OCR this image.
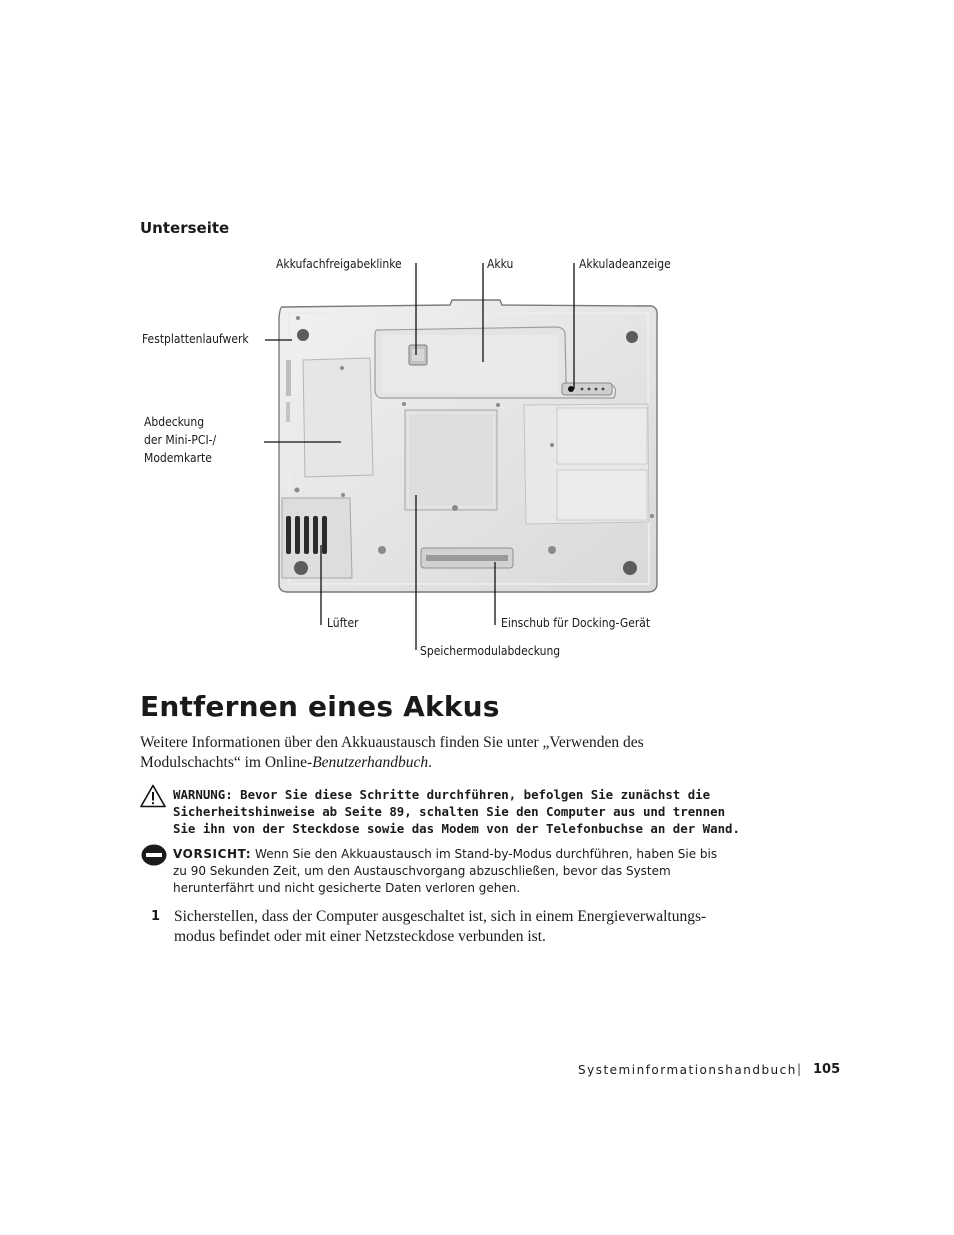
Unterseite
Akkufachfreigabeklinke	Akku	Akkuladeanzeige
Festplattenlaufwerk
Abdeckung
der Mini-PCI-/
Modemkarte
Lüfter	Einschub für Docking-Gerät
Speichermodulabdeckung
Entfernen eines Akkus
Weitere Informationen über den Akkuaustausch finden Sie unter „Verwenden des Modulschachts“ im Online-Benutzerhandbuch.
WARNUNG: Bevor Sie diese Schritte durchführen, befolgen Sie zunächst die Sicherheitshinweise ab Seite 89, schalten Sie den Computer aus und trennen Sie ihn von der Steckdose sowie das Modem von der Telefonbuchse an der Wand.
VORSICHT: Wenn Sie den Akkuaustausch im Stand-by-Modus durchführen, haben Sie bis zu 90 Sekunden Zeit, um den Austauschvorgang abzuschließen, bevor das System herunterfährt und nicht gesicherte Daten verloren gehen.
1 Sicherstellen, dass der Computer ausgeschaltet ist, sich in einem Energieverwaltungs-modus befindet oder mit einer Netzsteckdose verbunden ist.
Systeminformationshandbuch | 105
